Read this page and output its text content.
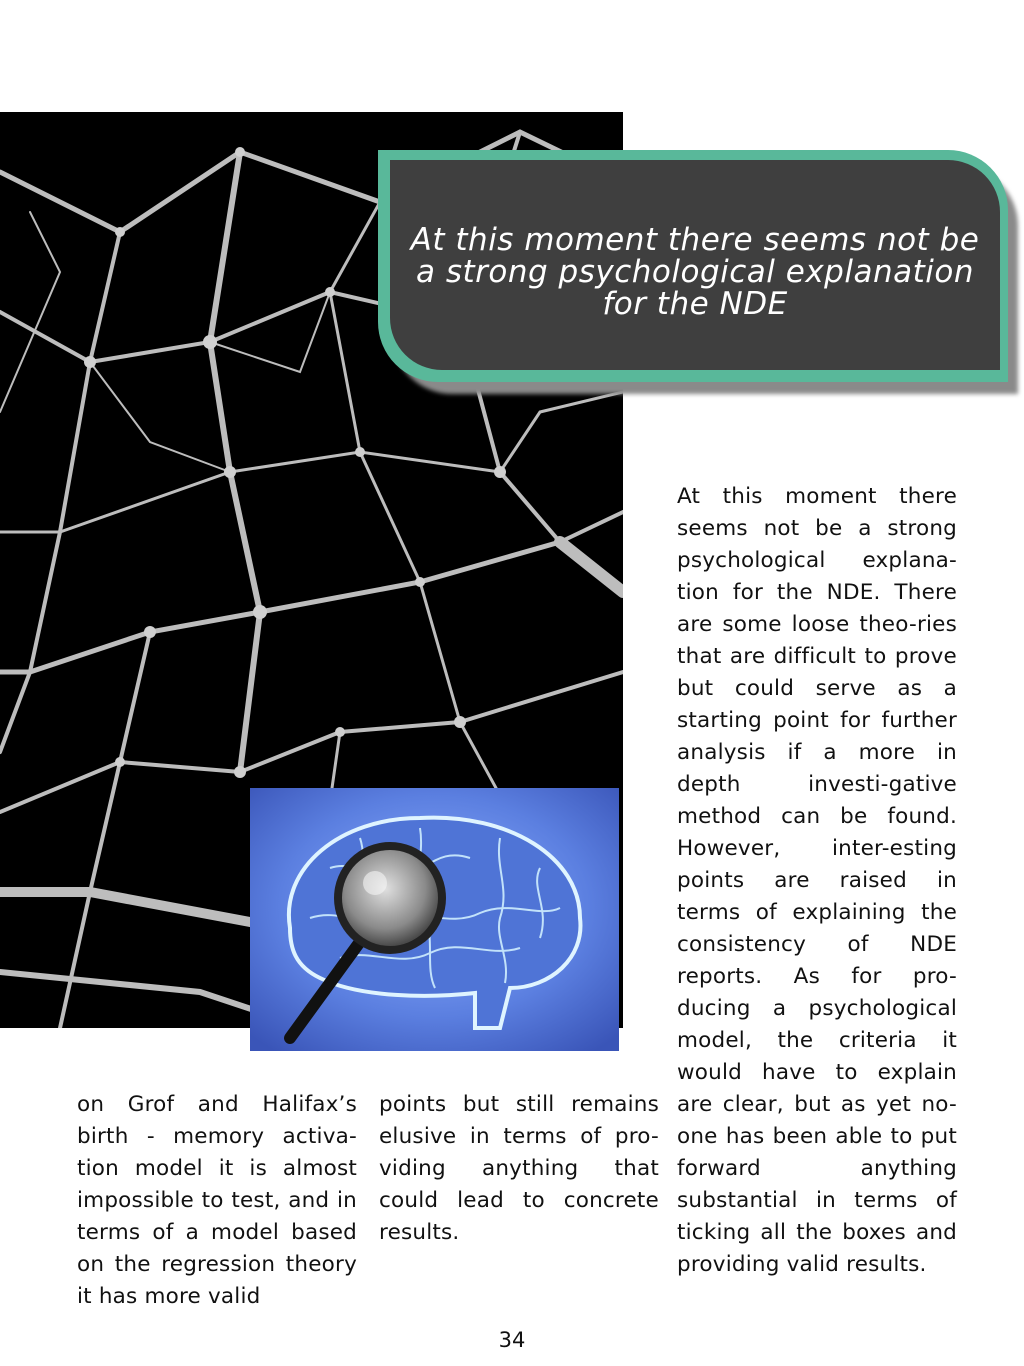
At this moment there seems not be a strong psychological explanation for the NDE

At this moment there seems not be a strong psychological explana-tion for the NDE. There are some loose theo-ries that are difficult to prove but could serve as a starting point for further analysis if a more in depth investi-gative method can be found. However, inter-esting points are raised in terms of explaining the consistency of NDE reports. As for pro-ducing a psychological model, the criteria it would have to explain are clear, but as yet no-one has been able to put forward anything substantial in terms of ticking all the boxes and providing valid results.

on Grof and Halifax’s birth - memory activa-tion model it is almost impossible to test, and in terms of a model based on the regression theory it has more valid

points but still remains elusive in terms of pro-viding anything that could lead to concrete results.

34
